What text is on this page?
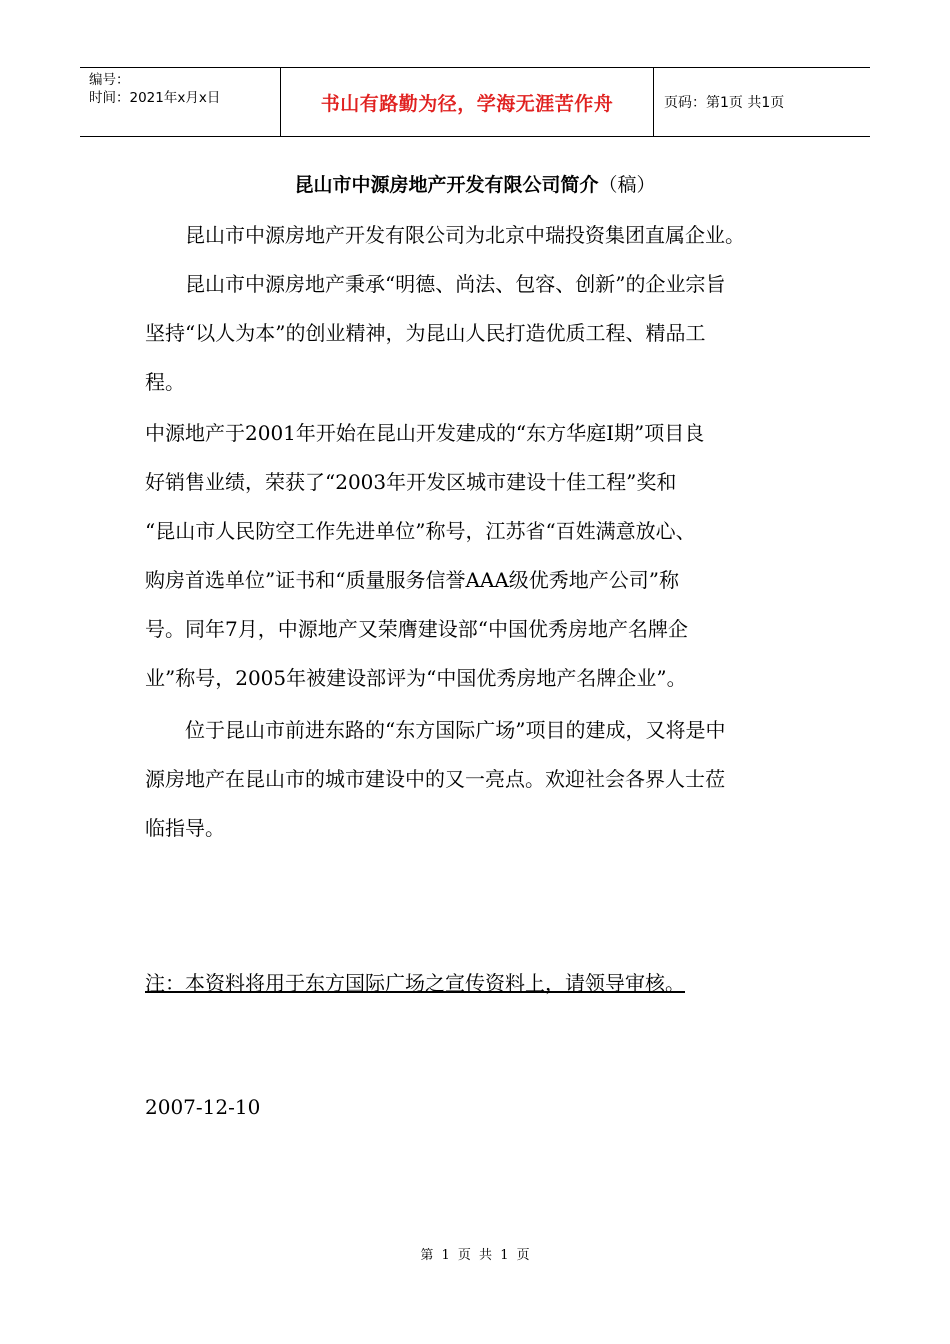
编号：
时间：2021年x月x日	书山有路勤为径，学海无涯苦作舟	页码：第1页 共1页
昆山市中源房地产开发有限公司简介（稿）

　　昆山市中源房地产开发有限公司为北京中瑞投资集团直属企业。

　　昆山市中源房地产秉承“明德、尚法、包容、创新”的企业宗旨
坚持“以人为本”的创业精神，为昆山人民打造优质工程、精品工
程。

中源地产于2001年开始在昆山开发建成的“东方华庭Ⅰ期”项目良
好销售业绩，荣获了“2003年开发区城市建设十佳工程”奖和
“昆山市人民防空工作先进单位”称号，江苏省“百姓满意放心、
购房首选单位”证书和“质量服务信誉AAA级优秀地产公司”称
号。同年7月，中源地产又荣膺建设部“中国优秀房地产名牌企
业”称号，2005年被建设部评为“中国优秀房地产名牌企业”。

　　位于昆山市前进东路的“东方国际广场”项目的建成，又将是中
源房地产在昆山市的城市建设中的又一亮点。欢迎社会各界人士莅
临指导。

注：本资料将用于东方国际广场之宣传资料上，请领导审核。
2007-12-10
第 1 页 共 1 页
